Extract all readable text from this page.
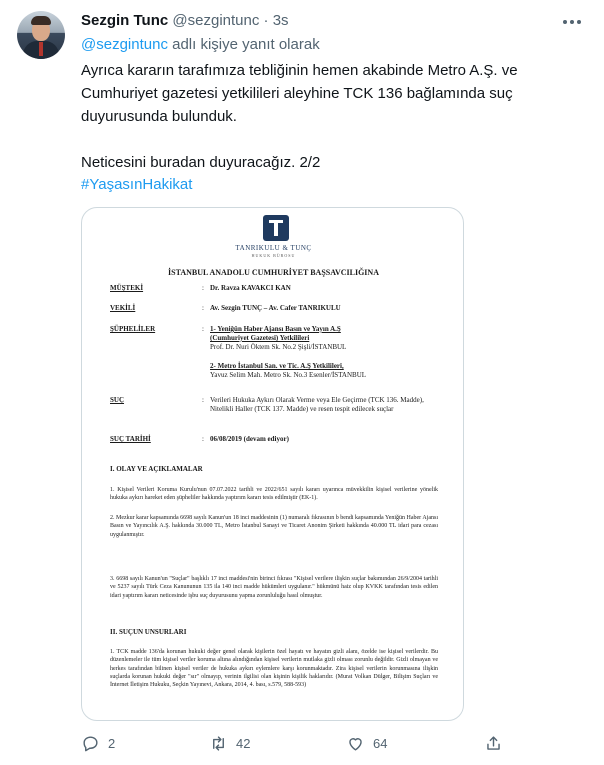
Sezgin Tunc @sezgintunc · 3s
@sezgintunc adlı kişiye yanıt olarak

Ayrıca kararın tarafımıza tebliğinin hemen akabinde Metro A.Ş. ve

Cumhuriyet gazetesi yetkilileri aleyhine TCK 136 bağlamında suç

duyurusunda bulunduk.

Neticesini buradan duyuracağız. 2/2

#YaşasınHakikat
TANRIKULU & TUNÇ
HUKUK BÜROSU
İSTANBUL ANADOLU CUMHURİYET BAŞSAVCILIĞINA
MÜŞTEKİ	: Dr. Ravza KAVAKCI KAN
VEKİLİ	: Av. Sezgin TUNÇ – Av. Cafer TANRIKULU
ŞÜPHELİLER	: 1- Yeniğün Haber Ajansı Basın ve Yayın A.Ş
(Cumhuriyet Gazetesi) Yetkilileri
Prof. Dr. Nuri Öktem Sk. No.2 Şişli/İSTANBUL
2- Metro İstanbul San. ve Tic. A.Ş Yetkilileri,
Yavuz Selim Mah. Metro Sk. No.3 Esenler/İSTANBUL
SUÇ	: Verileri Hukuka Aykırı Olarak Verme veya Ele Geçirme (TCK 136. Madde), Nitelikli Haller (TCK 137. Madde) ve resen tespit edilecek suçlar
SUÇ TARİHİ	: 06/08/2019 (devam ediyor)
I. OLAY VE AÇIKLAMALAR
1. Kişisel Verileri Koruma Kurulu'nun 07.07.2022 tarihli ve 2022/651 sayılı kararı uyarınca müvekkilin kişisel verilerine yönelik hukuka aykırı hareket eden şüpheliler hakkında yaptırım kararı tesis edilmiştir (EK-1).
2. Mezkur karar kapsamında 6698 sayılı Kanun'un 18 inci maddesinin (1) numaralı fıkrasının b bendi kapsamında Yeniğün Haber Ajansı Basın ve Yayıncılık A.Ş. hakkında 30.000 TL, Metro İstanbul Sanayi ve Ticaret Anonim Şirketi hakkında 40.000 TL idari para cezası uygulanmıştır.
3. 6698 sayılı Kanun'un "Suçlar" başlıklı 17 inci maddesi'nin birinci fıkrası "Kişisel verilere ilişkin suçlar bakımından 26/9/2004 tarihli ve 5237 sayılı Türk Ceza Kanununun 135 ila 140 inci madde hükümleri uygulanır." hükmünü haiz olup KVKK tarafından tesis edilen idari yaptırım kararı neticesinde işbu suç duyurusunu yapma zorunluluğu hasıl olmuştur.
II. SUÇUN UNSURLARI
1. TCK madde 136'da korunan hukuki değer genel olarak kişilerin özel hayatı ve hayatın gizli alanı, özelde ise kişisel verilerdir. Bu düzenlemeler ile tüm kişisel veriler koruma altına alındığından kişisel verilerin mutlaka gizli olması zorunlu değildir. Gizli olmayan ve herkes tarafından bilinen kişisel veriler de hukuka aykırı eylemlere karşı korunmaktadır. Zira kişisel verilerin korunmasına ilişkin suçlarda korunan hukuki değer "sır" olmayıp, verinin ilgilisi olan kişinin kişilik haklarıdır. (Murat Volkan Dülger, Bilişim Suçları ve İnternet İletişim Hukuku, Seçkin Yayınevi, Ankara, 2014, 4. bası, s.579, 588-593)
2	42	64
